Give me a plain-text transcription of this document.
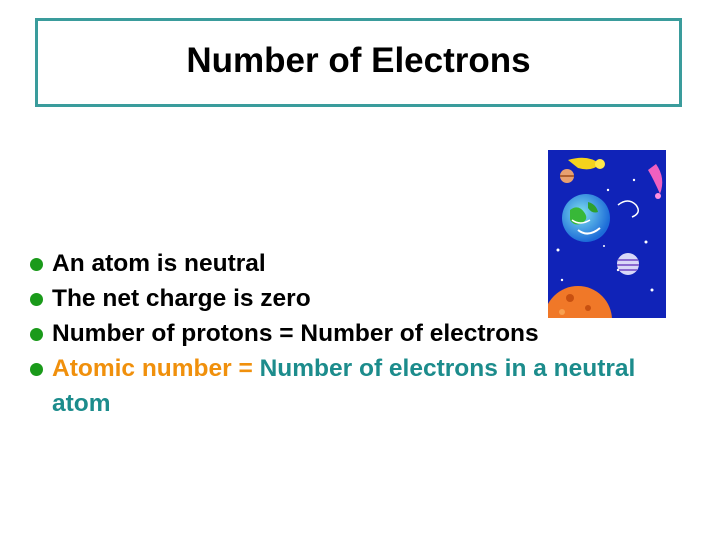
Number of Electrons
An atom is neutral
The net charge is zero
Number of protons = Number of electrons
Atomic number = Number of electrons in a neutral atom
